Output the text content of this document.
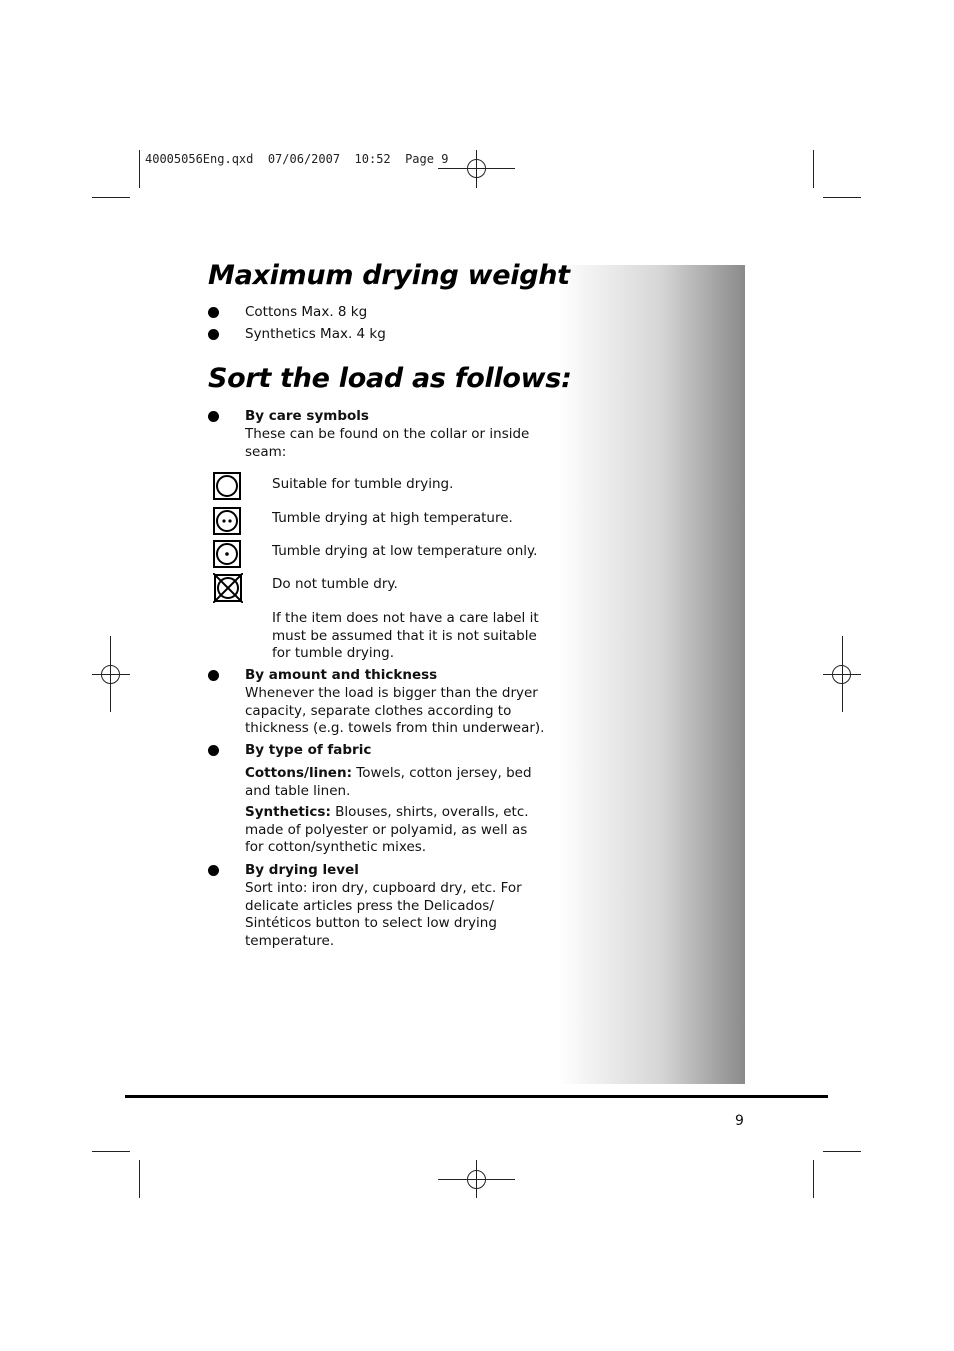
40005056Eng.qxd  07/06/2007  10:52  Page 9
Maximum drying weight
Cottons Max. 8 kg
Synthetics Max. 4 kg
Sort the load as follows:
By care symbols
These can be found on the collar or inside seam:
Suitable for tumble drying.
Tumble drying at high temperature.
Tumble drying at low temperature only.
Do not tumble dry.
If the item does not have a care label it must be assumed that it is not suitable for tumble drying.
By amount and thickness
Whenever the load is bigger than the dryer capacity, separate clothes according to thickness (e.g. towels from thin underwear).
By type of fabric
Cottons/linen: Towels, cotton jersey, bed and table linen.
Synthetics: Blouses, shirts, overalls, etc. made of polyester or polyamid, as well as for cotton/synthetic mixes.
By drying level
Sort into: iron dry, cupboard dry, etc. For delicate articles press the Delicados/ Sintéticos button to select low drying temperature.
9
